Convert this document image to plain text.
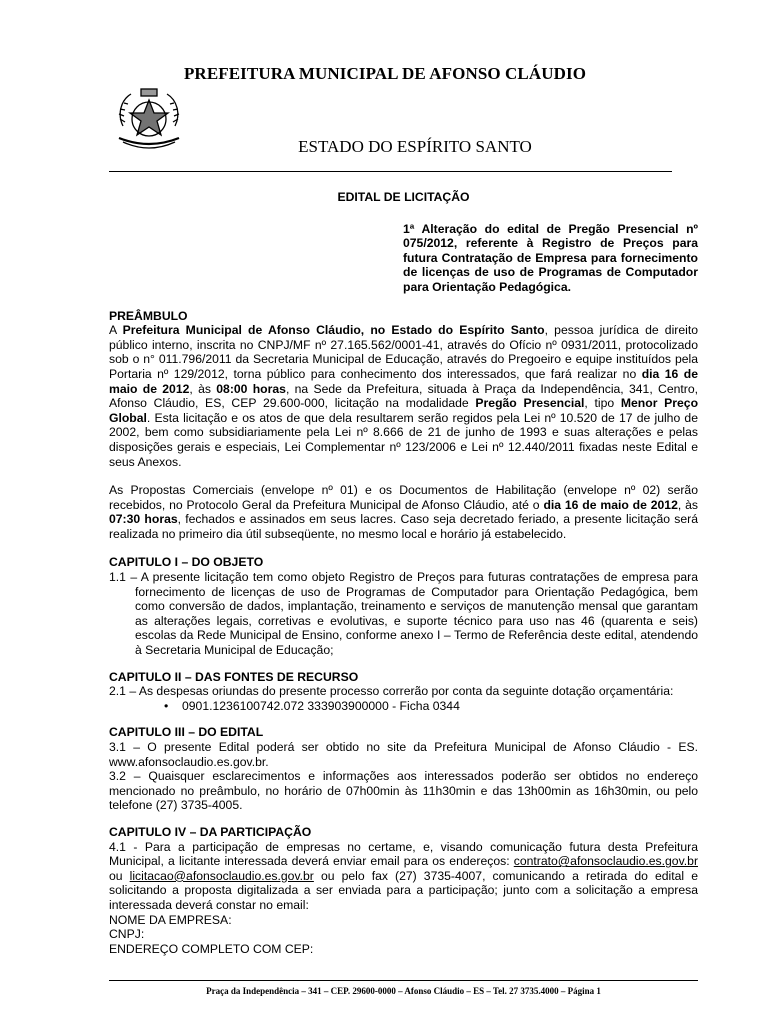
PREFEITURA MUNICIPAL DE AFONSO CLÁUDIO
ESTADO DO ESPÍRITO SANTO

EDITAL DE LICITAÇÃO

1ª Alteração do edital de Pregão Presencial nº 075/2012, referente à Registro de Preços para futura Contratação de Empresa para fornecimento de licenças de uso de Programas de Computador para Orientação Pedagógica.

PREÂMBULO

A Prefeitura Municipal de Afonso Cláudio, no Estado do Espírito Santo, pessoa jurídica de direito público interno, inscrita no CNPJ/MF nº 27.165.562/0001-41, através do Ofício nº 0931/2011, protocolizado sob o n° 011.796/2011 da Secretaria Municipal de Educação, através do Pregoeiro e equipe instituídos pela Portaria nº 129/2012, torna público para conhecimento dos interessados, que fará realizar no dia 16 de maio de 2012, às 08:00 horas, na Sede da Prefeitura, situada à Praça da Independência, 341, Centro, Afonso Cláudio, ES, CEP 29.600-000, licitação na modalidade Pregão Presencial, tipo Menor Preço Global. Esta licitação e os atos de que dela resultarem serão regidos pela Lei nº 10.520 de 17 de julho de 2002, bem como subsidiariamente pela Lei nº 8.666 de 21 de junho de 1993 e suas alterações e pelas disposições gerais e especiais, Lei Complementar nº 123/2006 e Lei nº 12.440/2011 fixadas neste Edital e seus Anexos.

As Propostas Comerciais (envelope nº 01) e os Documentos de Habilitação (envelope nº 02) serão recebidos, no Protocolo Geral da Prefeitura Municipal de Afonso Cláudio, até o dia 16 de maio de 2012, às 07:30 horas, fechados e assinados em seus lacres. Caso seja decretado feriado, a presente licitação será realizada no primeiro dia útil subseqüente, no mesmo local e horário já estabelecido.

CAPITULO I – DO OBJETO

1.1 – A presente licitação tem como objeto Registro de Preços para futuras contratações de empresa para fornecimento de licenças de uso de Programas de Computador para Orientação Pedagógica, bem como conversão de dados, implantação, treinamento e serviços de manutenção mensal que garantam as alterações legais, corretivas e evolutivas, e suporte técnico para uso nas 46 (quarenta e seis) escolas da Rede Municipal de Ensino, conforme anexo I – Termo de Referência deste edital, atendendo à Secretaria Municipal de Educação;

CAPITULO II – DAS FONTES DE RECURSO

2.1 – As despesas oriundas do presente processo correrão por conta da seguinte dotação orçamentária:

• 0901.1236100742.072 333903900000 - Ficha 0344

CAPITULO III – DO EDITAL

3.1 – O presente Edital poderá ser obtido no site da Prefeitura Municipal de Afonso Cláudio - ES. www.afonsoclaudio.es.gov.br.

3.2 – Quaisquer esclarecimentos e informações aos interessados poderão ser obtidos no endereço mencionado no preâmbulo, no horário de 07h00min às 11h30min e das 13h00min as 16h30min, ou pelo telefone (27) 3735-4005.

CAPITULO IV – DA PARTICIPAÇÃO

4.1 - Para a participação de empresas no certame, e, visando comunicação futura desta Prefeitura Municipal, a licitante interessada deverá enviar email para os endereços: contrato@afonsoclaudio.es.gov.br ou licitacao@afonsoclaudio.es.gov.br ou pelo fax (27) 3735-4007, comunicando a retirada do edital e solicitando a proposta digitalizada a ser enviada para a participação; junto com a solicitação a empresa interessada deverá constar no email:

NOME DA EMPRESA:

CNPJ:

ENDEREÇO COMPLETO COM CEP:

Praça da Independência – 341 – CEP. 29600-0000 – Afonso Cláudio – ES – Tel. 27 3735.4000 – Página 1
